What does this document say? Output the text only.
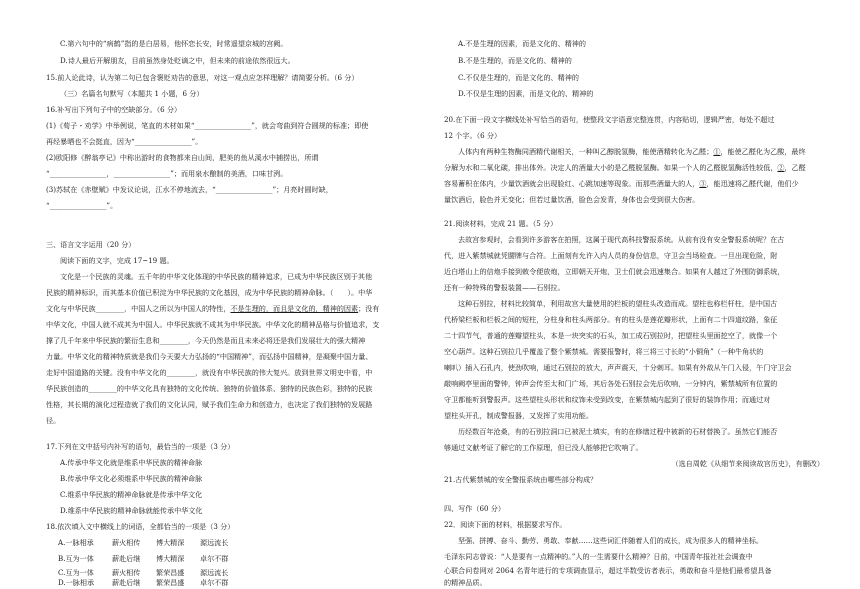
C.第六句中的“病鹤”指的是白居易，他怀恋长安，时常遥望京城的宫阙。
D.诗人最后开解朋友，目前虽然身处贬谪之中，但未来的前途依然很远大。
15.前人论此诗，认为第二句已包含褒贬劝告的意思，对这一观点应怎样理解？请简要分析。（6 分）
（三）名篇名句默写（本题共 1 小题，6 分）
16.补写出下列句子中的空缺部分。（6 分）
(1)《荀子・劝学》中举例说，笔直的木材如果“________________”，就会弯曲到符合圆规的标准；即使
再经暴晒也不会挺直，因为“________________”。
(2)欧阳修《醉翁亭记》中称出游时的食物都来自山间，肥美的鱼从溪水中捕捞出，所谓
“________________，________________”；而用泉水酿制的美酒，口味甘洌。
(3)苏轼在《赤壁赋》中发议论说，江水不停地流去，“________________”；月亮时圆时缺，
“________________”。
三、语言文字运用（20 分）
阅读下面的文字，完成 17~19 题。
文化是一个民族的灵魂。五千年的中华文化体现的中华民族的精神追求，已成为中华民族区别于其他
民族的精神标识，而其基本价值已积淀为中华民族的文化基因，成为中华民族的精神命脉。（　　）。中华
文化与中华民族________，中国人之所以为中国人的特性，不是生理的，而且是文化的，精神的因素；没有
中华文化，中国人就不成其为中国人。中华民族就不成其为中华民族。中华文化的精神品格与价值追求，支
撑了几千年来中华民族的繁衍生息和________，今天仍然是而且未来必将还是我们发展壮大的强大精神
力量。中华文化的精神特质就是我们今天要大力弘扬的“中国精神”，而弘扬中国精神，是凝聚中国力量、
走好中国道路的关键。没有中华文化的________，就没有中华民族的伟大复兴。放到世界文明史中看，中
华民族创造的________的中华文化具有独特的文化传统、独特的价值体系、独特的民族色彩，独特的民族
性格，其长期的演化过程造就了我们的文化认同，赋予我们生命力和创造力，也决定了我们独特的发展路
径。
17.下列在文中括号内补写的语句，最恰当的一项是（3 分）
A.传承中华文化就是维系中华民族的精神命脉
B.传承中华文化必须维系中华民族的精神命脉
C.维系中华民族的精神命脉就是传承中华文化
D.维系中华民族的精神命脉就能传承中华文化
18.依次填入文中横线上的词语，全都恰当的一项是（3 分）
A.一脉相承	薪火相传 博大精深 源远流长
B.互为一体	薪赴后继 博大精深 卓尔不群
C.互为一体	薪火相传 繁荣昌盛 源远流长
D.一脉相承	薪赴后继 繁荣昌盛 卓尔不群
A.不是生理的因素，而是文化的、精神的
B.不是生理的，而是文化的、精神的
C.不仅是生理的，而是文化的、精神的
D.不仅是生理的因素，而是文化的、精神的
20.在下面一段文字横线处补写恰当的语句，使整段文字语意完整连贯，内容贴切，逻辑严密，每处不超过
12 个字。（6 分）
人体内有两种生物酶同酒精代谢相关，一种叫乙醇脱氢酶，能使酒精转化为乙醛；①，能使乙醛化为乙酸，最终
分解为水和二氧化碳，排出体外。决定人的酒量大小的是乙醛脱氢酶。如果一个人的乙醛脱氢酶活性较低，②，乙醛
容易蓄积在体内，少量饮酒就会出现脸红、心跳加速等现象。而那些酒量大的人，③，能迅速将乙醛代谢，他们少
量饮酒后，脸色并无变化；但若过量饮酒，脸色会发青，身体也会受到很大伤害。
21.阅读材料，完成 21 题。（5 分）
去故宫参观时，会看到许多游客在拍照，这属于现代高科技警报系统。从前有没有安全警报系统呢？在古
代，进入紫禁城就凭腰牌与合符。上面刻有允许入内人员的身份信息，守卫会当场检查。一旦出现危险，附
近白塔山上的信炮手接到敕令便放炮，立即朝天开炮，卫士们就会迅速集合。如果有人越过了外围防御系统，
还有一种特殊的警报装置——石别拉。
这种石别拉，材料比较简单，利用故宫大量使用的栏板的望柱头改造而成。望柱也称栏杆柱，是中国古
代桥梁栏板和栏板之间的短柱，分柱身和柱头两部分。有的柱头是莲花瓣形状，上面有二十四道纹路，象征
二十四节气，普通的莲瓣望柱头，本是一块突实的石头，加工成石别拉时，把望柱头里面挖空了，就像一个
空心葫芦。这种石别拉几乎覆盖了整个紫禁城。需要报警时，将三将三寸长的“小铜角”（一种牛角状的
喇叭）插入石孔内，使劲吹响，通过石别拉的放大，声声震天，十分刺耳。如果有外敌从午门入侵，午门守卫会
敲响阙亭里面的警钟，钟声会传至太和门广场，其后各处石别拉会先后吹响，一分钟内，紫禁城所有位置的
守卫都能听到警报声。这些望柱头形状和纹饰未受到改变，在紫禁城内起到了很好的装饰作用；而通过对
望柱头开孔，制成警报器，又发挥了实用功能。
历经数百年沧桑，有的石别拉洞口已被泥土填实，有的在修缮过程中被新的石材替换了。虽然它们能否
够通过文献考证了解它的工作原理，但已没人能够把它吹响了。
（选自周乾《从细节来阅读故宫历史》，有删改）
21.古代紫禁城的安全警报系统由哪些部分构成？
四、写作（60 分）
22．阅读下面的材料，根据要求写作。
坚强、拼搏、奋斗、勤劳、勇敢、奉献……这些词汇伴随着人们的成长，成为很多人的精神坐标。
毛泽东同志曾说：“人是要有一点精神的。”人的一生需要什么精神？日前，中国青年报社社会调查中
心联合问卷网对 2064 名青年进行的专项调查显示，超过半数受访者表示，勇敢和奋斗是他们最希望具备
的精神品质。
